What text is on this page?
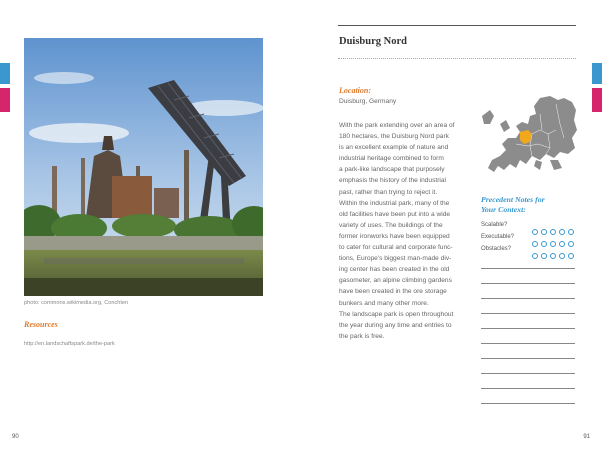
photo: commons.wikimedia.org, Conchten
Resources
http://en.landschaftspark.de/the-park
90
Duisburg Nord
Location:
Duisburg, Germany
With the park extending over an area of
180 hectares, the Duisburg Nord park
is an excellent example of nature and
industrial heritage combined to form
a park-like landscape that purposely
emphasis the history of the industrial
past, rather than trying to reject it.
Within the industrial park, many of the
old facilities have been put into a wide
variety of uses. The buildings of the
former ironworks have been equipped
to cater for cultural and corporate func-
tions, Europe's biggest man-made div-
ing center has been created in the old
gasometer, an alpine climbing gardens
have been created in the ore storage
bunkers and many other more.
The landscape park is open throughout
the year during any time and entries to
the park is free.
Precedent Notes for
Your Context:
Scalable?
Executable?
Obstacles?
91
